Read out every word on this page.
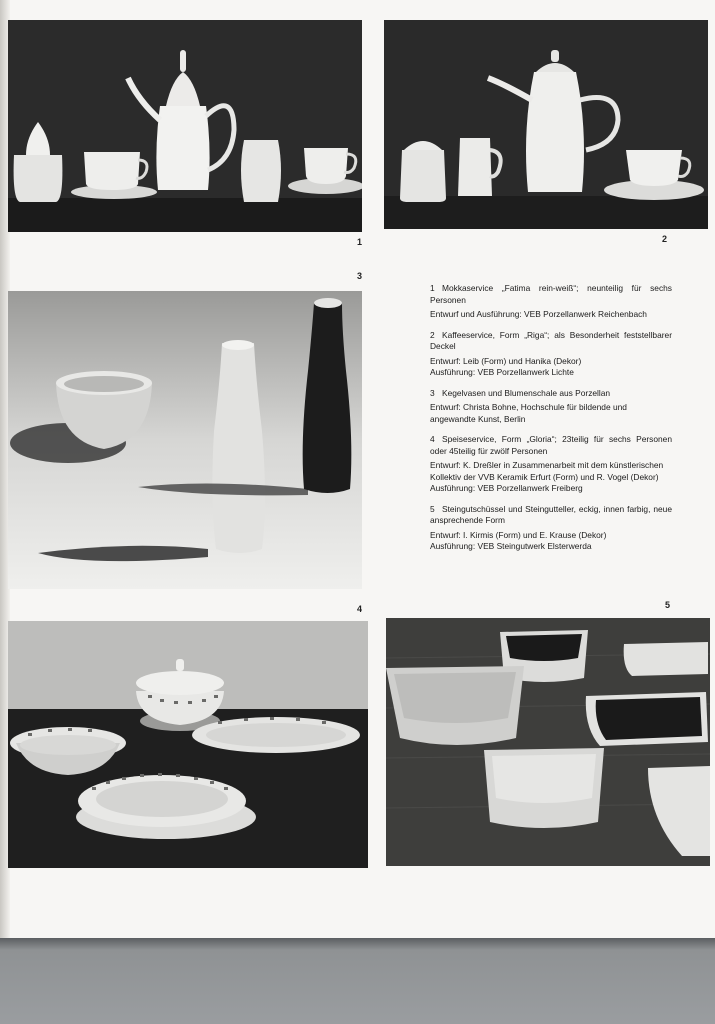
1	2
3

1 Mokkaservice „Fatima rein-weiß“; neunteilig für sechs Personen

Entwurf und Ausführung: VEB Porzellanwerk Reichenbach

2 Kaffeeservice, Form „Riga“; als Besonderheit feststellbarer Deckel

Entwurf: Leib (Form) und Hanika (Dekor)

Ausführung: VEB Porzellanwerk Lichte

3 Kegelvasen und Blumenschale aus Porzellan

Entwurf: Christa Bohne, Hochschule für bildende und angewandte Kunst, Berlin

4 Speiseservice, Form „Gloria“; 23teilig für sechs Personen oder 45teilig für zwölf Personen

Entwurf: K. Dreßler in Zusammenarbeit mit dem künstlerischen Kollektiv der VVB Keramik Erfurt (Form) und R. Vogel (Dekor)

Ausführung: VEB Porzellanwerk Freiberg

5 Steingutschüssel und Steingutteller, eckig, innen farbig, neue ansprechende Form

Entwurf: I. Kirmis (Form) und E. Krause (Dekor)

Ausführung: VEB Steingutwerk Elsterwerda

4	5
